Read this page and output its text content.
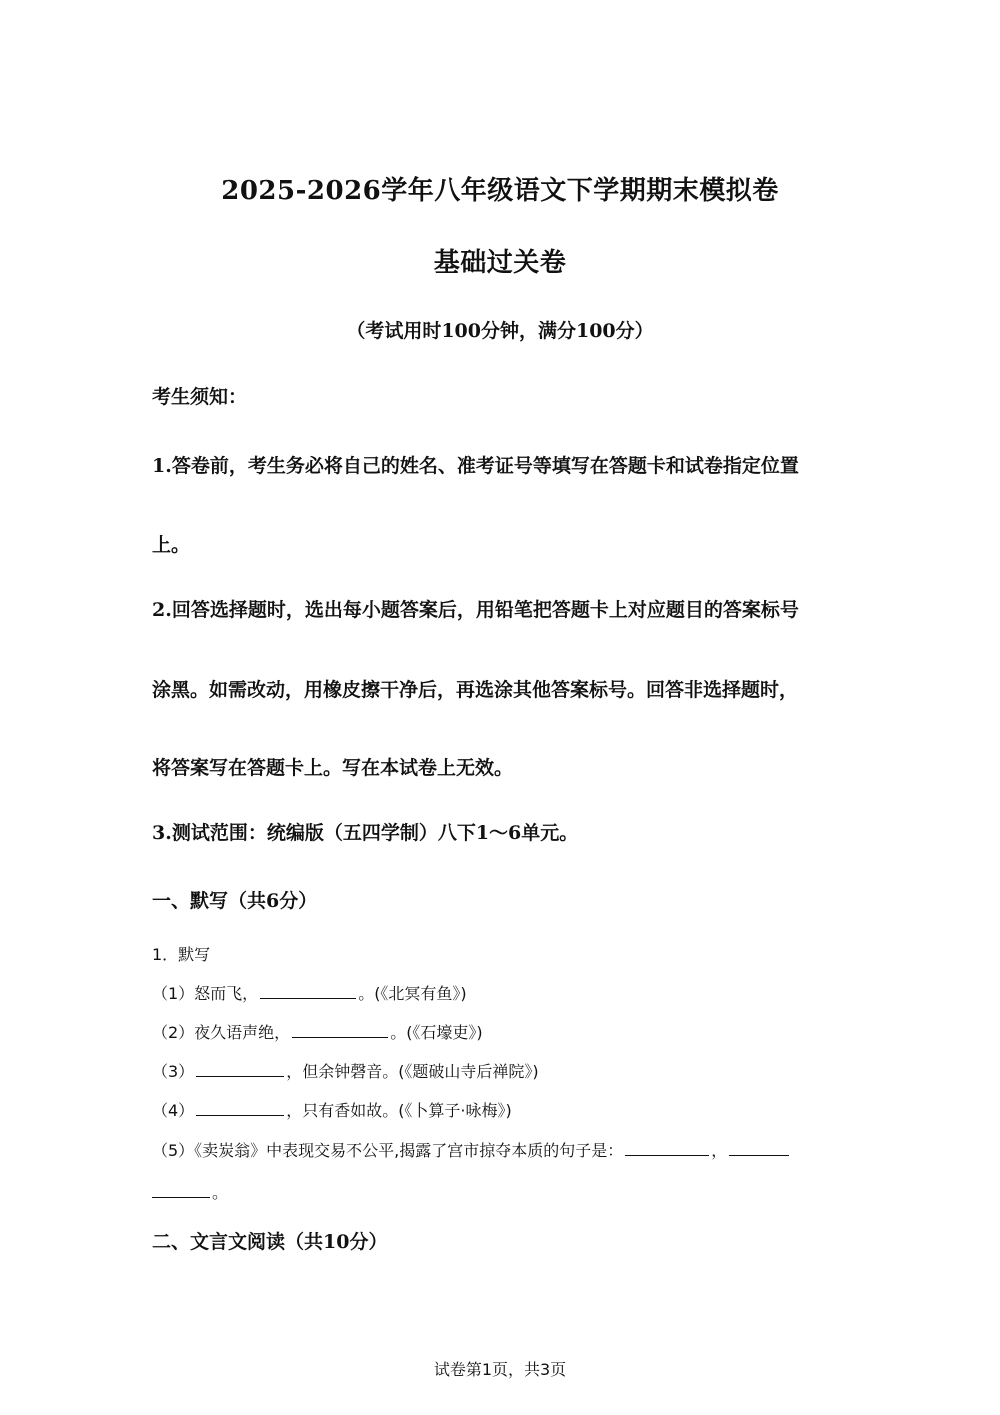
2025-2026学年八年级语文下学期期末模拟卷
基础过关卷
（考试用时100分钟，满分100分）
考生须知：
1.答卷前，考生务必将自己的姓名、准考证号等填写在答题卡和试卷指定位置
上。
2.回答选择题时，选出每小题答案后，用铅笔把答题卡上对应题目的答案标号
涂黑。如需改动，用橡皮擦干净后，再选涂其他答案标号。回答非选择题时，
将答案写在答题卡上。写在本试卷上无效。
3.测试范围：统编版（五四学制）八下1～6单元。
一、默写（共6分）
1．默写
（1）怒而飞，	。(《北冥有鱼》)
（2）夜久语声绝，	。(《石壕吏》)
（3）	，但余钟磬音。(《题破山寺后禅院》)
（4）	，只有香如故。(《卜算子·咏梅》)
（5）《卖炭翁》中表现交易不公平,揭露了宫市掠夺本质的句子是：	，
。
二、文言文阅读（共10分）
试卷第1页，共3页
